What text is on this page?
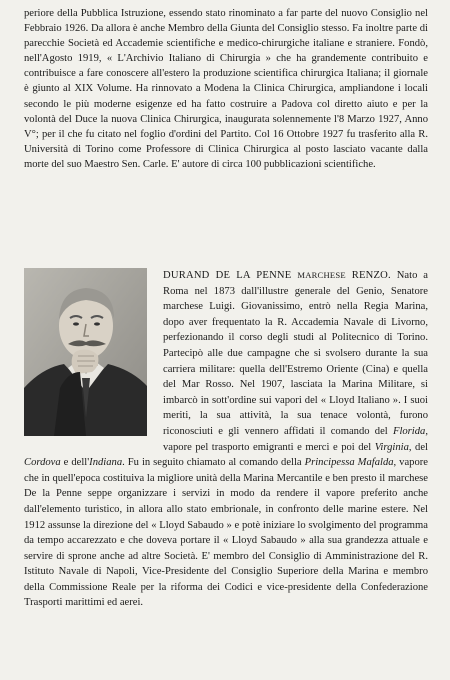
periore della Pubblica Istruzione, essendo stato rinominato a far parte del nuovo Consiglio nel Febbraio 1926. Da allora è anche Membro della Giunta del Consiglio stesso. Fa inoltre parte di parecchie Società ed Accademie scientifiche e medico-chirurgiche italiane e straniere. Fondò, nell'Agosto 1919, « L'Archivio Italiano di Chirurgia » che ha grandemente contribuito e contribuisce a fare conoscere all'estero la produzione scientifica chirurgica Italiana; il giornale è giunto al XIX Volume. Ha rinnovato a Modena la Clinica Chirurgica, ampliandone i locali secondo le più moderne esigenze ed ha fatto costruire a Padova col diretto aiuto e per la volontà del Duce la nuova Clinica Chirurgica, inaugurata solennemente l'8 Marzo 1927, Anno V°; per il che fu citato nel foglio d'ordini del Partito. Col 16 Ottobre 1927 fu trasferito alla R. Università di Torino come Professore di Clinica Chirurgica al posto lasciato vacante dalla morte del suo Maestro Sen. Carle. E' autore di circa 100 pubblicazioni scientifiche.

DURAND DE LA PENNE MARCHESE RENZO. Nato a Roma nel 1873 dall'illustre generale del Genio, Senatore marchese Luigi. Giovanissimo, entrò nella Regia Marina, dopo aver frequentato la R. Accademia Navale di Livorno, perfezionando il corso degli studi al Politecnico di Torino. Partecipò alle due campagne che si svolsero durante la sua carriera militare: quella dell'Estremo Oriente (Cina) e quella del Mar Rosso. Nel 1907, lasciata la Marina Militare, si imbarcò in sott'ordine sui vapori del « Lloyd Italiano ». I suoi meriti, la sua attività, la sua tenace volontà, furono riconosciuti e gli vennero affidati il comando del Florida, vapore pel trasporto emigranti e merci e poi del Virginia, del Cordova e dell'Indiana. Fu in seguito chiamato al comando della Principessa Mafalda, vapore che in quell'epoca costituiva la migliore unità della Marina Mercantile e ben presto il marchese De la Penne seppe organizzare i servizi in modo da rendere il vapore preferito anche dall'elemento turistico, in allora allo stato embrionale, in confronto delle marine estere. Nel 1912 assunse la direzione del « Lloyd Sabaudo » e potè iniziare lo svolgimento del programma da tempo accarezzato e che doveva portare il « Lloyd Sabaudo » alla sua grandezza attuale e servire di sprone anche ad altre Società. E' membro del Consiglio di Amministrazione del R. Istituto Navale di Napoli, Vice-Presidente del Consiglio Superiore della Marina e membro della Commissione Reale per la riforma dei Codici e vice-presidente della Confederazione Trasporti marittimi ed aerei.
